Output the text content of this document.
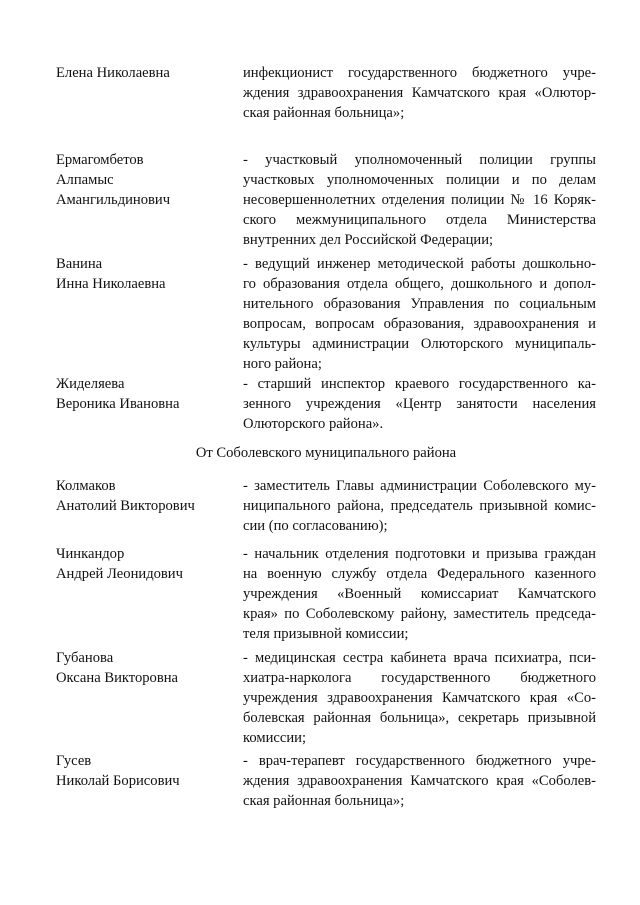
Елена Николаевна	инфекционист государственного бюджетного учре-
ждения здравоохранения Камчатского края «Олютор-
ская районная больница»;
Ермагомбетов
Алпамыс
Амангильдинович
- участковый уполномоченный полиции группы
участковых уполномоченных полиции и по делам
несовершеннолетних отделения полиции № 16 Коряк-
ского межмуниципального отдела Министерства
внутренних дел Российской Федерации;
Ванина
Инна Николаевна
- ведущий инженер методической работы дошкольно-
го образования отдела общего, дошкольного и допол-
нительного образования Управления по социальным
вопросам, вопросам образования, здравоохранения и
культуры администрации Олюторского муниципаль-
ного района;
Жиделяева
Вероника Ивановна
- старший инспектор краевого государственного ка-
зенного учреждения «Центр занятости населения
Олюторского района».
От Соболевского муниципального района
Колмаков
Анатолий Викторович
- заместитель Главы администрации Соболевского му-
ниципального района, председатель призывной комис-
сии (по согласованию);
Чинкандор
Андрей Леонидович
- начальник отделения подготовки и призыва граждан
на военную службу отдела Федерального казенного
учреждения «Военный комиссариат Камчатского
края» по Соболевскому району, заместитель председа-
теля призывной комиссии;
Губанова
Оксана Викторовна
- медицинская сестра кабинета врача психиатра, пси-
хиатра-нарколога государственного бюджетного
учреждения здравоохранения Камчатского края «Со-
болевская районная больница», секретарь призывной
комиссии;
Гусев
Николай Борисович
- врач-терапевт государственного бюджетного учре-
ждения здравоохранения Камчатского края «Соболев-
ская районная больница»;
